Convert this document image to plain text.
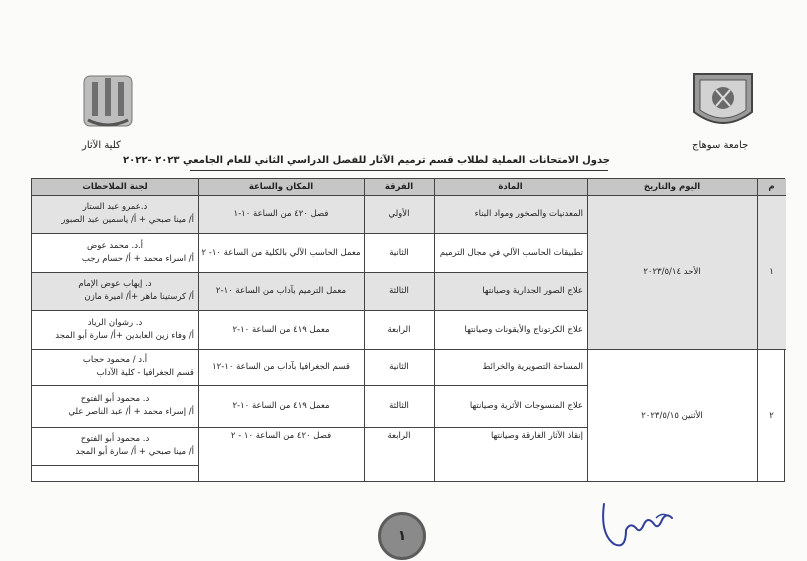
كلية الآثار	جامعة سوهاج
جدول الامتحانات العملية لطلاب قسم ترميم الآثار للفصل الدراسي الثاني للعام الجامعي ٢٠٢٣ -٢٠٢٢
م
اليوم والتاريخ
المادة
الفرقة
المكان والساعة
لجنة الملاحظات
١
الأحد ٢٠٢٣/٥/١٤
٢
الأثنين ٢٠٢٣/٥/١٥
المعدنيات والصخور ومواد البناء
الأولي
فصل ٤٢٠ من الساعة ١٠-١
د.عمرو عبد الستار
أ/ مينا صبحي + أ/ ياسمين عبد الصبور
تطبيقات الحاسب الآلي في مجال الترميم
الثانية
معمل الحاسب الآلي بالكلية من الساعة ١٠- ٢
أ.د. محمد عوض
أ/ اسراء محمد + أ/ حسام رجب
علاج الصور الجدارية وصيانتها
الثالثة
معمل الترميم بآداب من الساعة ١٠-٢
د. إيهاب عوض الإمام
أ/ كرستينا ماهر +أ/ اميرة مازن
علاج الكرتوناج والأيقونات وصيانتها
الرابعة
معمل ٤١٩ من الساعة ١٠-٢
د. رشوان الرياد
أ/ وفاء زين العابدين +أ/ سارة أبو المجد
المساحة التصويرية والخرائط
الثانية
قسم الجغرافيا بآداب من الساعة ١٠-١٢
أ.د / محمود حجاب
قسم الجغرافيا - كلية الآداب
علاج المنسوجات الأثرية وصيانتها
الثالثة
معمل ٤١٩ من الساعة ١٠-٢
د. محمود أبو الفتوح
أ/ إسراء محمد + أ/ عبد الناصر علي
إنقاذ الآثار الغارقة وصيانتها
الرابعة
فصل ٤٢٠ من الساعة ١٠ - ٢
د. محمود أبو الفتوح
أ/ مينا صبحي + أ/ سارة أبو المجد
١
